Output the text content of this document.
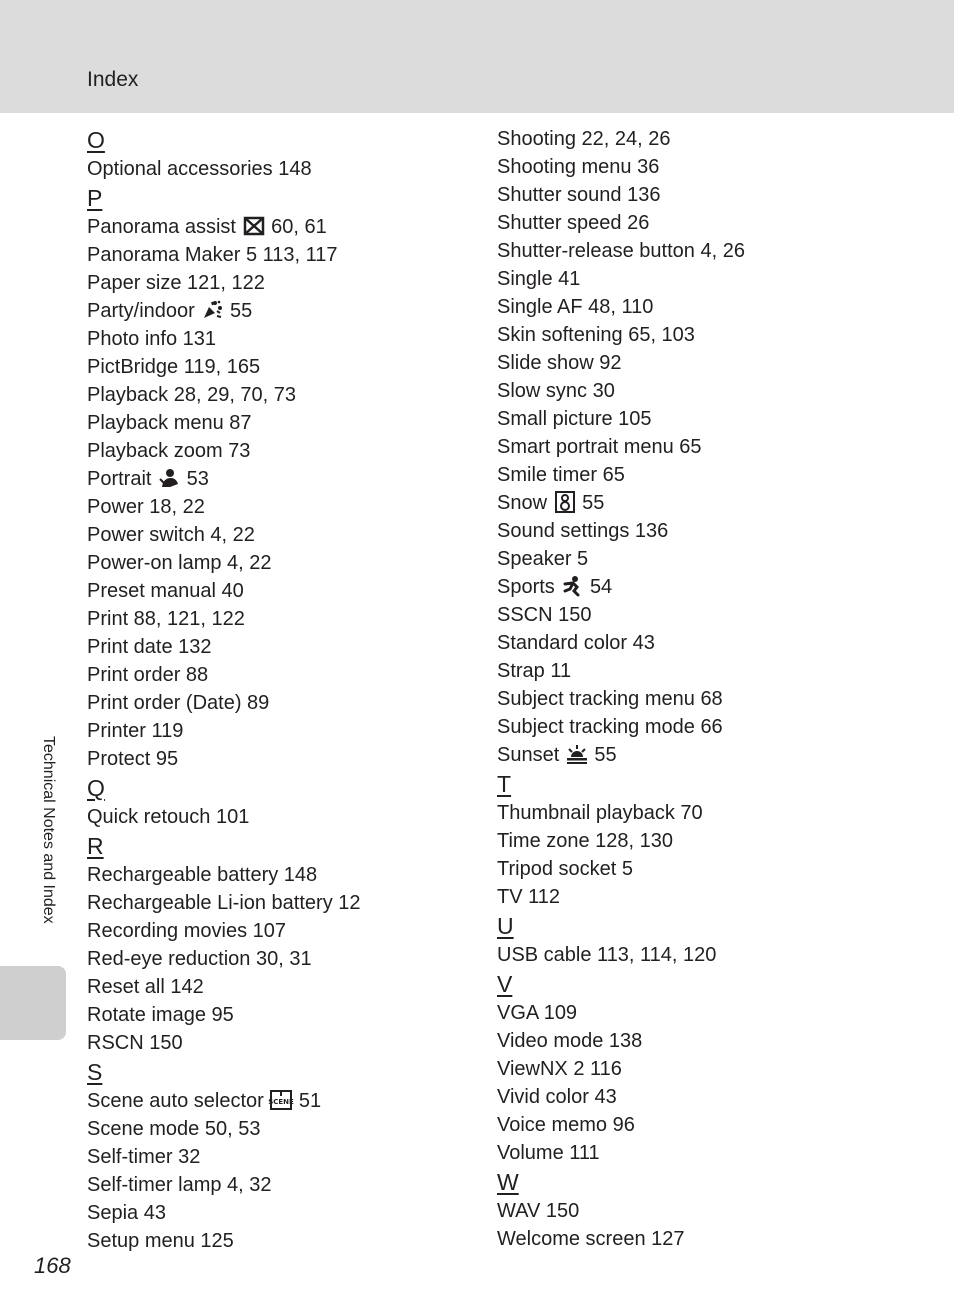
Index
O
Optional accessories 148
P
Panorama assist 60, 61
Panorama Maker 5 113, 117
Paper size 121, 122
Party/indoor 55
Photo info 131
PictBridge 119, 165
Playback 28, 29, 70, 73
Playback menu 87
Playback zoom 73
Portrait 53
Power 18, 22
Power switch 4, 22
Power-on lamp 4, 22
Preset manual 40
Print 88, 121, 122
Print date 132
Print order 88
Print order (Date) 89
Printer 119
Protect 95
Q
Quick retouch 101
R
Rechargeable battery 148
Rechargeable Li-ion battery 12
Recording movies 107
Red-eye reduction 30, 31
Reset all 142
Rotate image 95
RSCN 150
S
Scene auto selector SCENE 51
Scene mode 50, 53
Self-timer 32
Self-timer lamp 4, 32
Sepia 43
Setup menu 125
Shooting 22, 24, 26
Shooting menu 36
Shutter sound 136
Shutter speed 26
Shutter-release button 4, 26
Single 41
Single AF 48, 110
Skin softening 65, 103
Slide show 92
Slow sync 30
Small picture 105
Smart portrait menu 65
Smile timer 65
Snow 55
Sound settings 136
Speaker 5
Sports 54
SSCN 150
Standard color 43
Strap 11
Subject tracking menu 68
Subject tracking mode 66
Sunset 55
T
Thumbnail playback 70
Time zone 128, 130
Tripod socket 5
TV 112
U
USB cable 113, 114, 120
V
VGA 109
Video mode 138
ViewNX 2 116
Vivid color 43
Voice memo 96
Volume 111
W
WAV 150
Welcome screen 127
Technical Notes and Index
168
